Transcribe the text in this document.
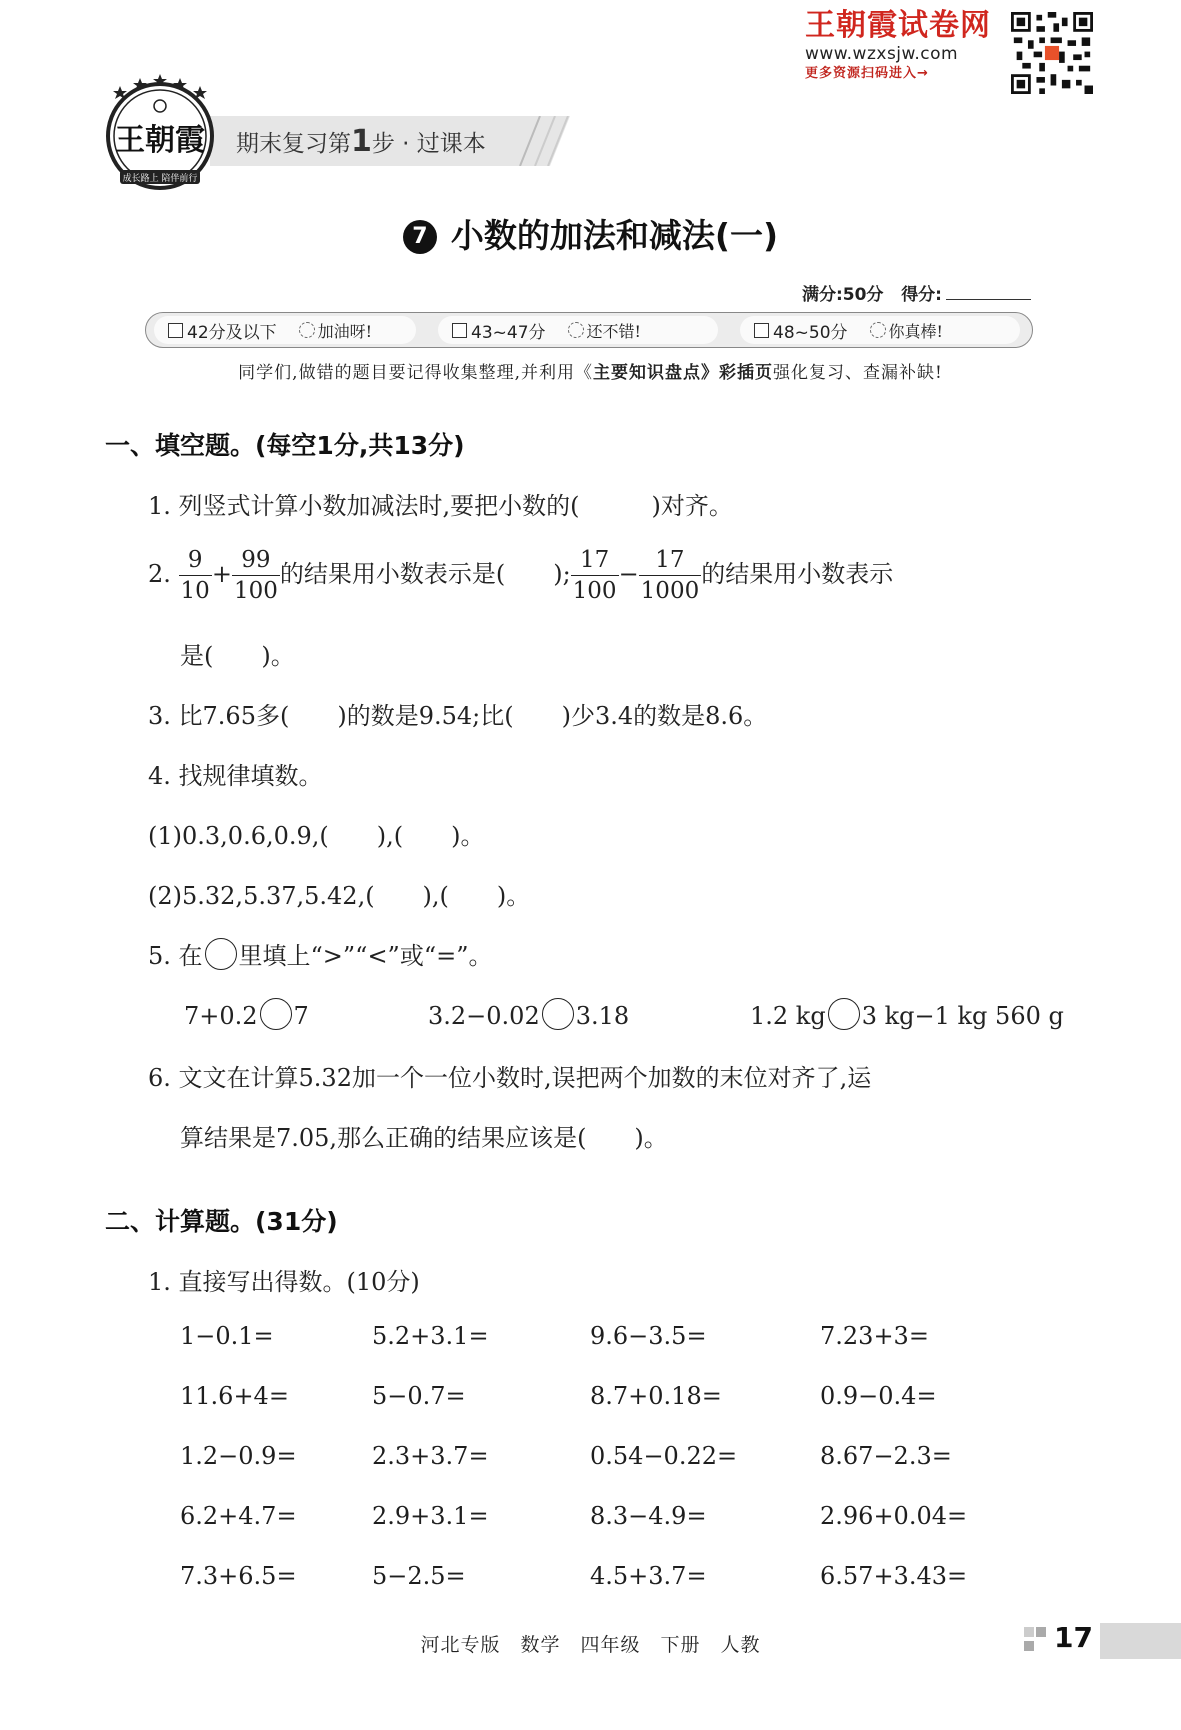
王朝霞试卷网
www.wzxsjw.com
更多资源扫码进入→
期末复习第1步 · 过课本
成长路上 陪伴前行
王朝霞
7 小数的加法和减法(一)
满分:50分 得分:
42分及以下	加油呀!	43~47分	还不错!	48~50分	你真棒!
同学们,做错的题目要记得收集整理,并利用《主要知识盘点》彩插页强化复习、查漏补缺!
一、填空题。(每空1分,共13分)
1. 列竖式计算小数加减法时,要把小数的(　　　)对齐。
2. $\frac{9}{10} + \frac{99}{100}$ 的结果用小数表示是(　　); $\frac{17}{100} - \frac{17}{1000}$ 的结果用小数表示
是(　　)。
3. 比7.65多(　　)的数是9.54;比(　　)少3.4的数是8.6。
4. 找规律填数。
(1)0.3,0.6,0.9,(　　),(　　)。
(2)5.32,5.37,5.42,(　　),(　　)。
5. 在 里填上“>”“<”或“=”。
7+0.2 7	3.2−0.02 3.18	1.2 kg 3 kg−1 kg 560 g
6. 文文在计算5.32加一个一位小数时,误把两个加数的末位对齐了,运
算结果是7.05,那么正确的结果应该是(　　)。
二、计算题。(31分)
1. 直接写出得数。(10分)
1−0.1=	5.2+3.1=	9.6−3.5=	7.23+3=
11.6+4=	5−0.7=	8.7+0.18=	0.9−0.4=
1.2−0.9=	2.3+3.7=	0.54−0.22=	8.67−2.3=
6.2+4.7=	2.9+3.1=	8.3−4.9=	2.96+0.04=
7.3+6.5=	5−2.5=	4.5+3.7=	6.57+3.43=
河北专版　数学　四年级　下册　人教	17
